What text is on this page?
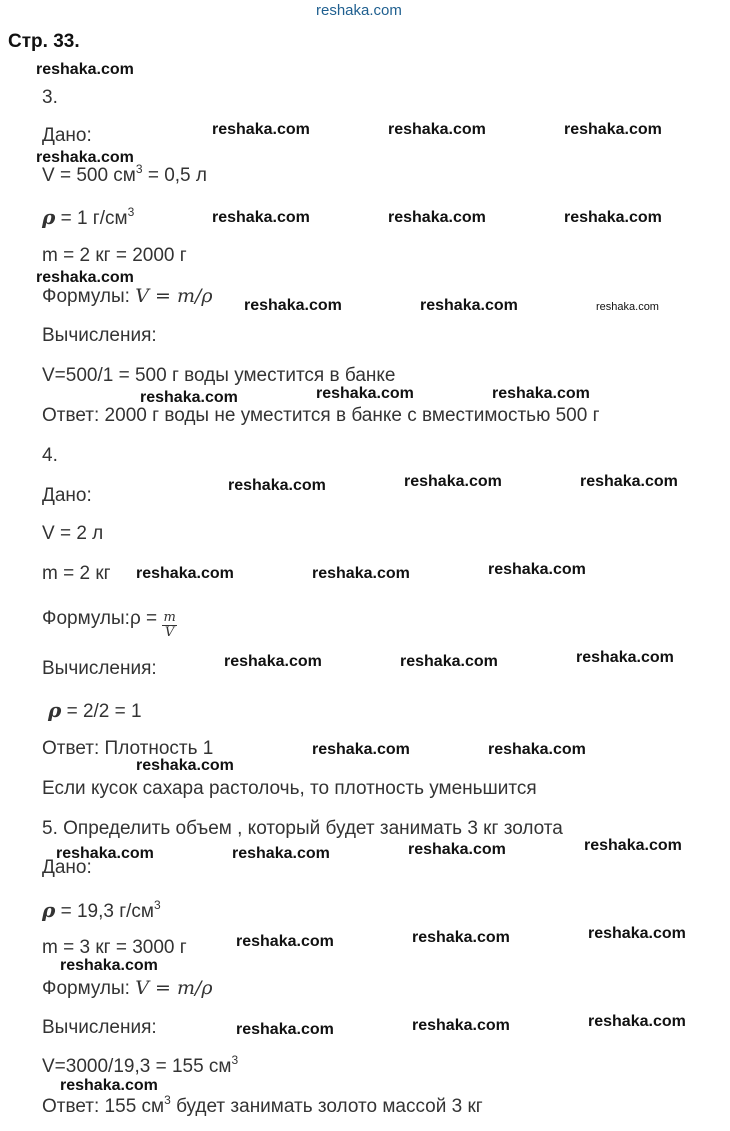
reshaka.com
Стр. 33.
3.
Дано:
V = 500 $см^3 = 0,5$ л
ρ = 1 $г/см^3$
m = 2 кг = 2000 г
Формулы: V = m/ρ
Вычисления:
V=500/1 = 500 г воды уместится в банке
Ответ: 2000 г воды не уместится в банке с вместимостью 500 г
4.
Дано:
V = 2 л
m = 2 кг
Формулы:ρ = $\frac{m}{V}$
Вычисления:
ρ = 2/2 = 1
Ответ: Плотность 1
Если кусок сахара растолочь, то плотность уменьшится
5. Определить объем , который будет занимать 3 кг золота
Дано:
ρ = 19,3 $г/см^3$
m = 3 кг = 3000 г
Формулы: V = m/ρ
Вычисления:
V=3000/19,3 = 155 $см^3$
Ответ: 155 $см^3$ будет занимать золото массой 3 кг
reshaka.com
reshaka.com	reshaka.com	reshaka.com
reshaka.com
reshaka.com	reshaka.com	reshaka.com
reshaka.com
reshaka.com	reshaka.com	reshaka.com
reshaka.com	reshaka.com	reshaka.com
reshaka.com	reshaka.com	reshaka.com
reshaka.com	reshaka.com	reshaka.com
reshaka.com	reshaka.com	reshaka.com
reshaka.com	reshaka.com
reshaka.com
reshaka.com	reshaka.com	reshaka.com	reshaka.com
reshaka.com	reshaka.com	reshaka.com
reshaka.com
reshaka.com	reshaka.com	reshaka.com
reshaka.com
